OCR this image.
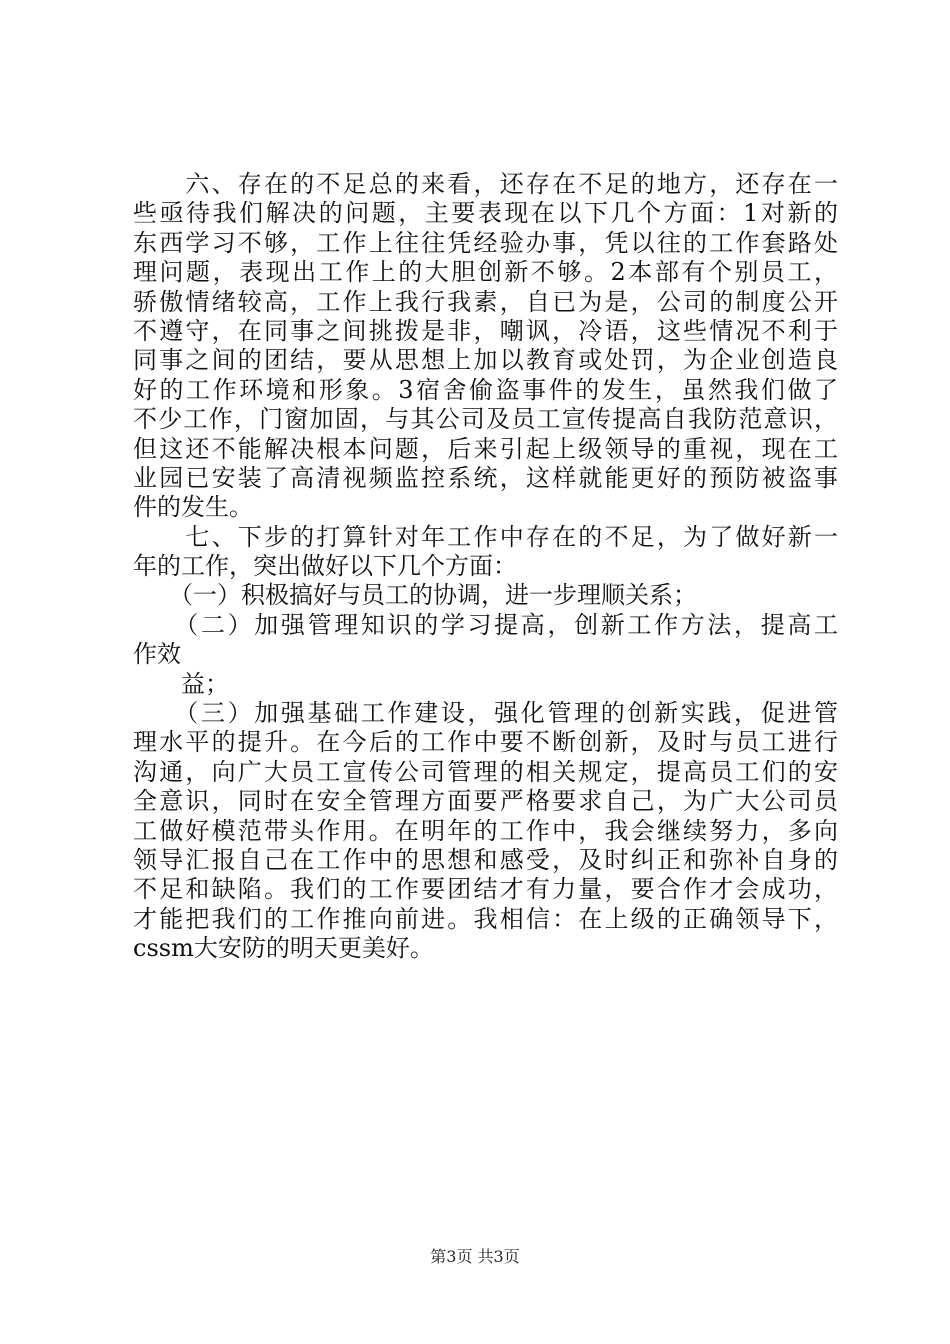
　　六、存在的不足总的来看，还存在不足的地方，还存在一
些亟待我们解决的问题，主要表现在以下几个方面：1对新的
东西学习不够，工作上往往凭经验办事，凭以往的工作套路处
理问题，表现出工作上的大胆创新不够。2本部有个别员工，
骄傲情绪较高，工作上我行我素，自已为是，公司的制度公开
不遵守，在同事之间挑拨是非，嘲讽，冷语，这些情况不利于
同事之间的团结，要从思想上加以教育或处罚，为企业创造良
好的工作环境和形象。3宿舍偷盗事件的发生，虽然我们做了
不少工作，门窗加固，与其公司及员工宣传提高自我防范意识，
但这还不能解决根本问题，后来引起上级领导的重视，现在工
业园已安装了高清视频监控系统，这样就能更好的预防被盗事
件的发生。
　　七、下步的打算针对年工作中存在的不足，为了做好新一
年的工作，突出做好以下几个方面：
　　（一）积极搞好与员工的协调，进一步理顺关系；
　　（二）加强管理知识的学习提高，创新工作方法，提高工
作效
　　益；
　　（三）加强基础工作建设，强化管理的创新实践，促进管
理水平的提升。在今后的工作中要不断创新，及时与员工进行
沟通，向广大员工宣传公司管理的相关规定，提高员工们的安
全意识，同时在安全管理方面要严格要求自己，为广大公司员
工做好模范带头作用。在明年的工作中，我会继续努力，多向
领导汇报自己在工作中的思想和感受，及时纠正和弥补自身的
不足和缺陷。我们的工作要团结才有力量，要合作才会成功，
才能把我们的工作推向前进。我相信：在上级的正确领导下，
cssm大安防的明天更美好。
第3页 共3页
